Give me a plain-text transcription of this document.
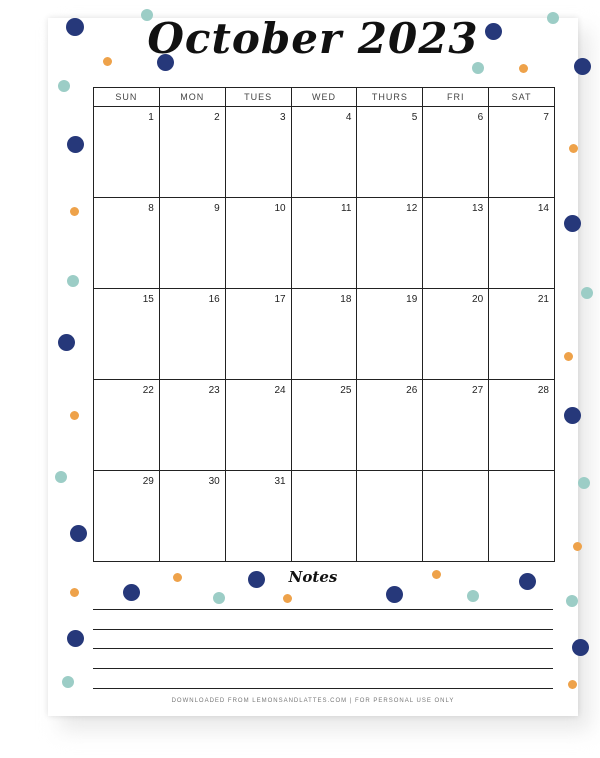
October 2023
SUN	MON	TUES	WED	THURS	FRI	SAT
1	2	3	4	5	6	7
8	9	10	11	12	13	14
15	16	17	18	19	20	21
22	23	24	25	26	27	28
29	30	31
Notes
DOWNLOADED FROM LEMONSANDLATTES.COM | FOR PERSONAL USE ONLY
